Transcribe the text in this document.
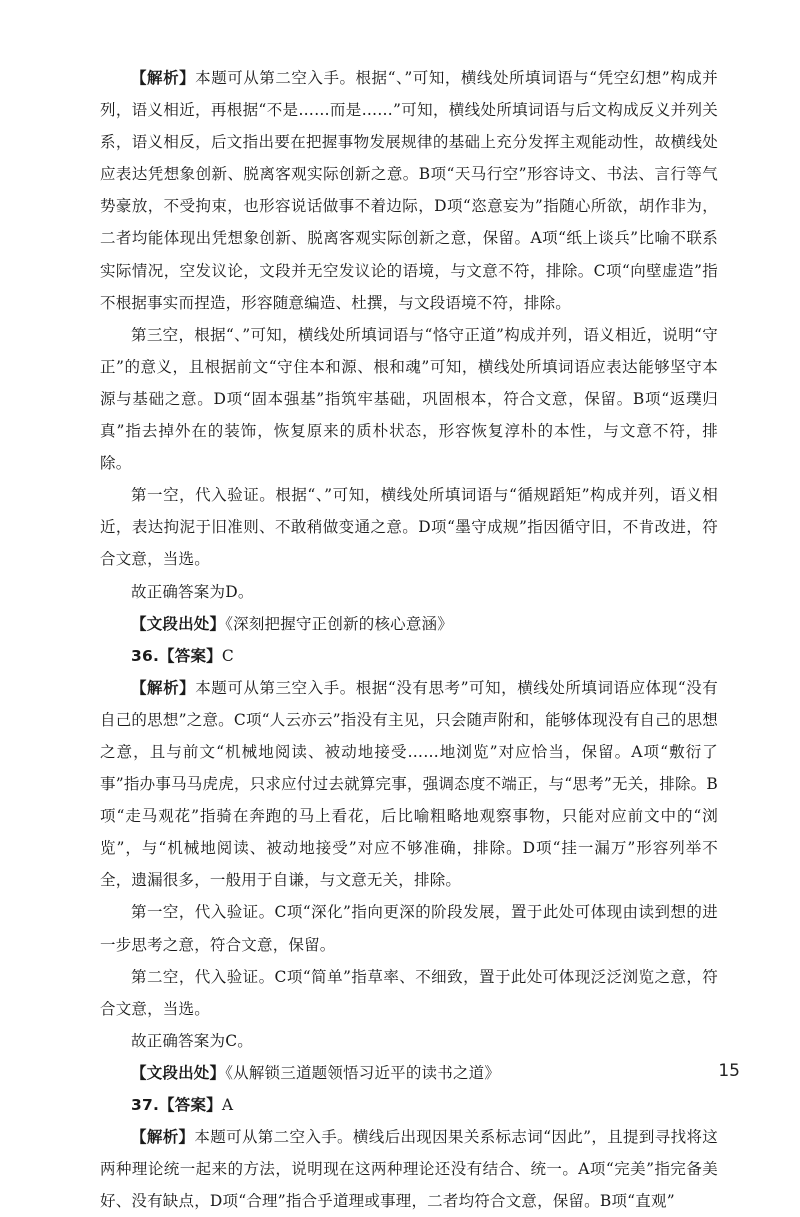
【解析】本题可从第二空入手。根据“、”可知，横线处所填词语与“凭空幻想”构成并列，语义相近，再根据“不是……而是……”可知，横线处所填词语与后文构成反义并列关系，语义相反，后文指出要在把握事物发展规律的基础上充分发挥主观能动性，故横线处应表达凭想象创新、脱离客观实际创新之意。B项“天马行空”形容诗文、书法、言行等气势豪放，不受拘束，也形容说话做事不着边际，D项“恣意妄为”指随心所欲，胡作非为，二者均能体现出凭想象创新、脱离客观实际创新之意，保留。A项“纸上谈兵”比喻不联系实际情况，空发议论，文段并无空发议论的语境，与文意不符，排除。C项“向壁虚造”指不根据事实而捏造，形容随意编造、杜撰，与文段语境不符，排除。

第三空，根据“、”可知，横线处所填词语与“恪守正道”构成并列，语义相近，说明“守正”的意义，且根据前文“守住本和源、根和魂”可知，横线处所填词语应表达能够坚守本源与基础之意。D项“固本强基”指筑牢基础，巩固根本，符合文意，保留。B项“返璞归真”指去掉外在的装饰，恢复原来的质朴状态，形容恢复淳朴的本性，与文意不符，排除。

第一空，代入验证。根据“、”可知，横线处所填词语与“循规蹈矩”构成并列，语义相近，表达拘泥于旧准则、不敢稍做变通之意。D项“墨守成规”指因循守旧，不肯改进，符合文意，当选。

故正确答案为D。

【文段出处】《深刻把握守正创新的核心意涵》

36.【答案】C

【解析】本题可从第三空入手。根据“没有思考”可知，横线处所填词语应体现“没有自己的思想”之意。C项“人云亦云”指没有主见，只会随声附和，能够体现没有自己的思想之意，且与前文“机械地阅读、被动地接受……地浏览”对应恰当，保留。A项“敷衍了事”指办事马马虎虎，只求应付过去就算完事，强调态度不端正，与“思考”无关，排除。B项“走马观花”指骑在奔跑的马上看花，后比喻粗略地观察事物，只能对应前文中的“浏览”，与“机械地阅读、被动地接受”对应不够准确，排除。D项“挂一漏万”形容列举不全，遗漏很多，一般用于自谦，与文意无关，排除。

第一空，代入验证。C项“深化”指向更深的阶段发展，置于此处可体现由读到想的进一步思考之意，符合文意，保留。

第二空，代入验证。C项“简单”指草率、不细致，置于此处可体现泛泛浏览之意，符合文意，当选。

故正确答案为C。

【文段出处】《从解锁三道题领悟习近平的读书之道》

37.【答案】A

【解析】本题可从第二空入手。横线后出现因果关系标志词“因此”，且提到寻找将这两种理论统一起来的方法，说明现在这两种理论还没有结合、统一。A项“完美”指完备美好、没有缺点，D项“合理”指合乎道理或事理，二者均符合文意，保留。B项“直观”

15
